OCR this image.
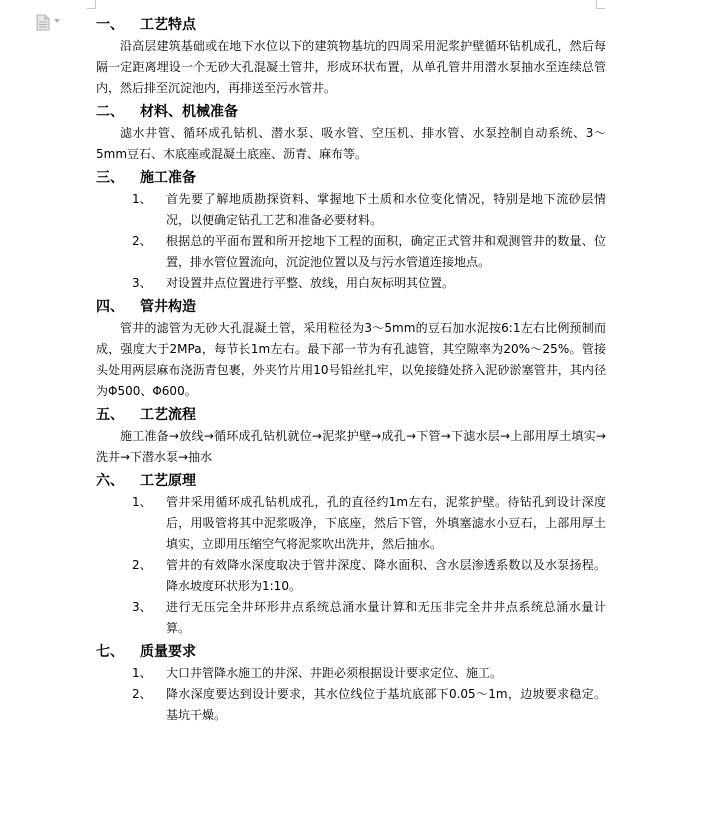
一、	工艺特点

沿高层建筑基础或在地下水位以下的建筑物基坑的四周采用泥浆护壁循环钻机成孔，然后每隔一定距离埋设一个无砂大孔混凝土管井，形成环状布置，从单孔管井用潜水泵抽水至连续总管内，然后排至沉淀池内，再排送至污水管井。

二、	材料、机械准备

滤水井管、循环成孔钻机、潜水泵、吸水管、空压机、排水管、水泵控制自动系统、3～5mm豆石、木底座或混凝土底座、沥青、麻布等。

三、	施工准备
1、	首先要了解地质勘探资料、掌握地下土质和水位变化情况，特别是地下流砂层情况，以便确定钻孔工艺和准备必要材料。
2、	根据总的平面布置和所开挖地下工程的面积，确定正式管井和观测管井的数量、位置，排水管位置流向，沉淀池位置以及与污水管道连接地点。
3、	对设置井点位置进行平整、放线，用白灰标明其位置。
四、	管井构造

管井的滤管为无砂大孔混凝土管，采用粒径为3～5mm的豆石加水泥按6:1左右比例预制而成，强度大于2MPa，每节长1m左右。最下部一节为有孔滤管，其空隙率为20%～25%。管接头处用两层麻布浇沥青包裹，外夹竹片用10号铅丝扎牢，以免接缝处挤入泥砂淤塞管井，其内径为Φ500、Φ600。

五、	工艺流程

施工准备→放线→循环成孔钻机就位→泥浆护壁→成孔→下管→下滤水层→上部用厚土填实→洗井→下潜水泵→抽水

六、	工艺原理
1、	管井采用循环成孔钻机成孔，孔的直径约1m左右，泥浆护壁。待钻孔到设计深度后，用吸管将其中泥浆吸净，下底座，然后下管，外填塞滤水小豆石，上部用厚土填实，立即用压缩空气将泥浆吹出洗井，然后抽水。
2、	管井的有效降水深度取决于管井深度、降水面积、含水层渗透系数以及水泵扬程。降水坡度环状形为1:10。
3、	进行无压完全井环形井点系统总涌水量计算和无压非完全井井点系统总涌水量计算。
七、	质量要求
1、	大口井管降水施工的井深、井距必须根据设计要求定位、施工。
2、	降水深度要达到设计要求，其水位线位于基坑底部下0.05～1m，边坡要求稳定。基坑干燥。
